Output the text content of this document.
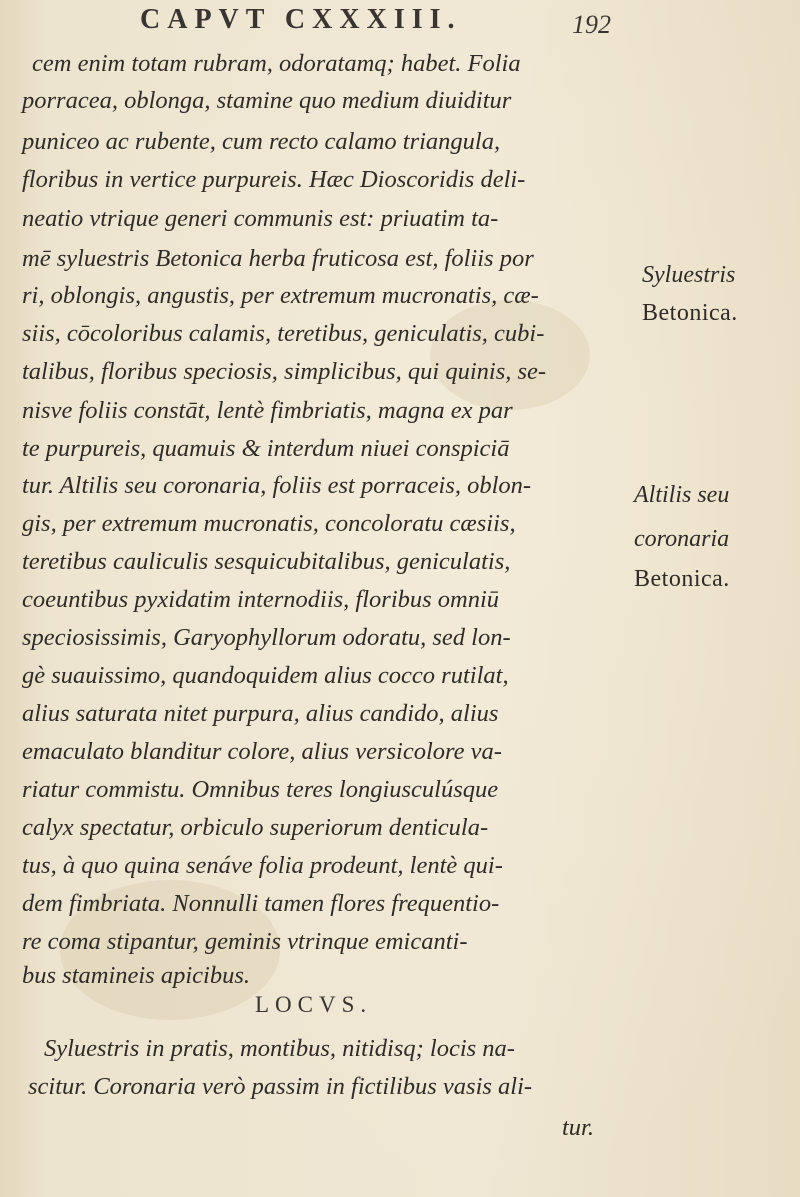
CAPVT CXXXIII.	192
cem enim totam rubram, odoratamq; habet. Folia
porracea, oblonga, stamine quo medium diuiditur
puniceo ac rubente, cum recto calamo triangula,
floribus in vertice purpureis. Hæc Dioscoridis deli-
neatio vtrique generi communis est: priuatim ta-
mē syluestris Betonica herba fruticosa est, foliis por
ri, oblongis, angustis, per extremum mucronatis, cæ-
siis, cōcoloribus calamis, teretibus, geniculatis, cubi-
talibus, floribus speciosis, simplicibus, qui quinis, se-
nisve foliis constāt, lentè fimbriatis, magna ex par
te purpureis, quamuis & interdum niuei conspiciā
tur. Altilis seu coronaria, foliis est porraceis, oblon-
gis, per extremum mucronatis, concoloratu cæsiis,
teretibus cauliculis sesquicubitalibus, geniculatis,
coeuntibus pyxidatim internodiis, floribus omniū
speciosissimis, Garyophyllorum odoratu, sed lon-
gè suauissimo, quandoquidem alius cocco rutilat,
alius saturata nitet purpura, alius candido, alius
emaculato blanditur colore, alius versicolore va-
riatur commistu. Omnibus teres longiusculúsque
calyx spectatur, orbiculo superiorum denticula-
tus, à quo quina senáve folia prodeunt, lentè qui-
dem fimbriata. Nonnulli tamen flores frequentio-
re coma stipantur, geminis vtrinque emicanti-
bus stamineis apicibus.
LOCVS.
Syluestris in pratis, montibus, nitidisq; locis na-
scitur. Coronaria verò passim in fictilibus vasis ali-
tur.
Syluestris
Betonica.
Altilis seu
coronaria
Betonica.
